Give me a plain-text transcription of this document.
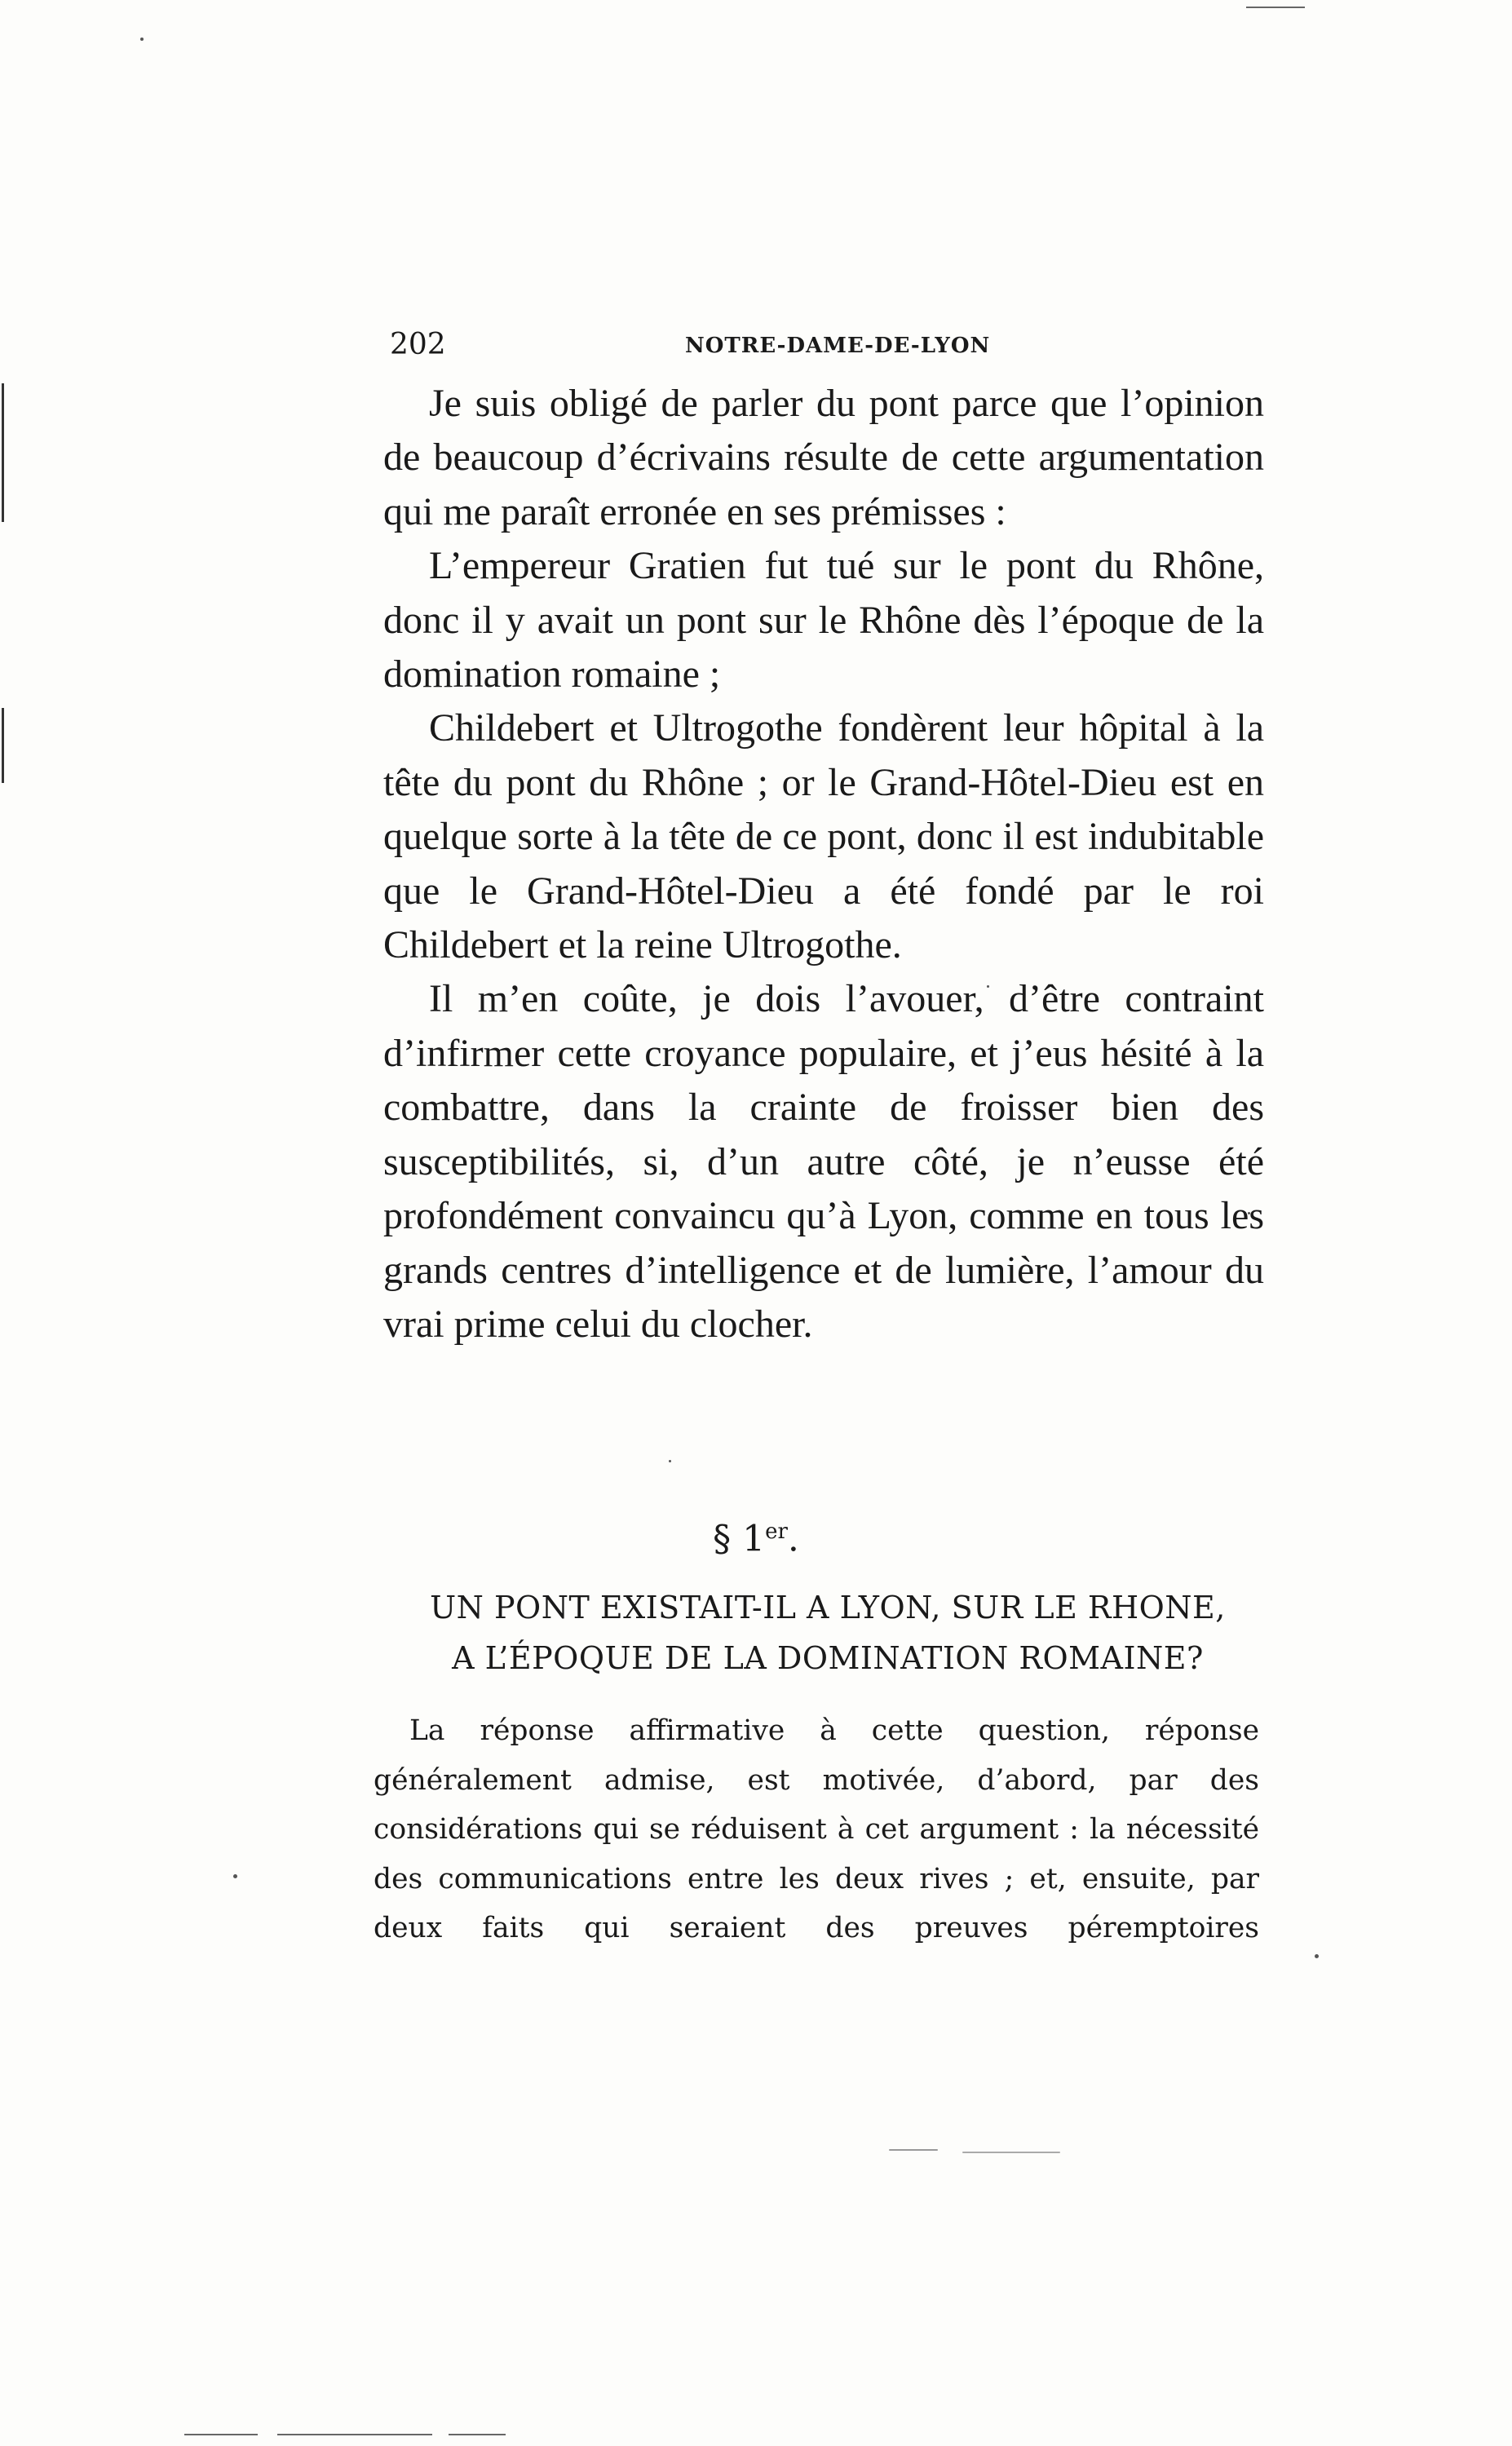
202	NOTRE-DAME-DE-LYON

Je suis obligé de parler du pont parce que l’opinion de beaucoup d’écrivains résulte de cette argumentation qui me paraît erronée en ses prémisses :

L’empereur Gratien fut tué sur le pont du Rhône, donc il y avait un pont sur le Rhône dès l’époque de la domination romaine ;

Childebert et Ultrogothe fondèrent leur hôpital à la tête du pont du Rhône ; or le Grand-Hôtel-Dieu est en quelque sorte à la tête de ce pont, donc il est indubitable que le Grand-Hôtel-Dieu a été fondé par le roi Childebert et la reine Ultrogothe.

Il m’en coûte, je dois l’avouer, d’être contraint d’infirmer cette croyance populaire, et j’eus hésité à la combattre, dans la crainte de froisser bien des susceptibilités, si, d’un autre côté, je n’eusse été profondément convaincu qu’à Lyon, comme en tous les grands centres d’intelligence et de lumière, l’amour du vrai prime celui du clocher.

§ 1er.
UN PONT EXISTAIT-IL A LYON, SUR LE RHONE,
A L’ÉPOQUE DE LA DOMINATION ROMAINE?
La réponse affirmative à cette question, réponse généralement admise, est motivée, d’abord, par des considérations qui se réduisent à cet argument : la nécessité des communications entre les deux rives ; et, ensuite, par deux faits qui seraient des preuves péremptoires
